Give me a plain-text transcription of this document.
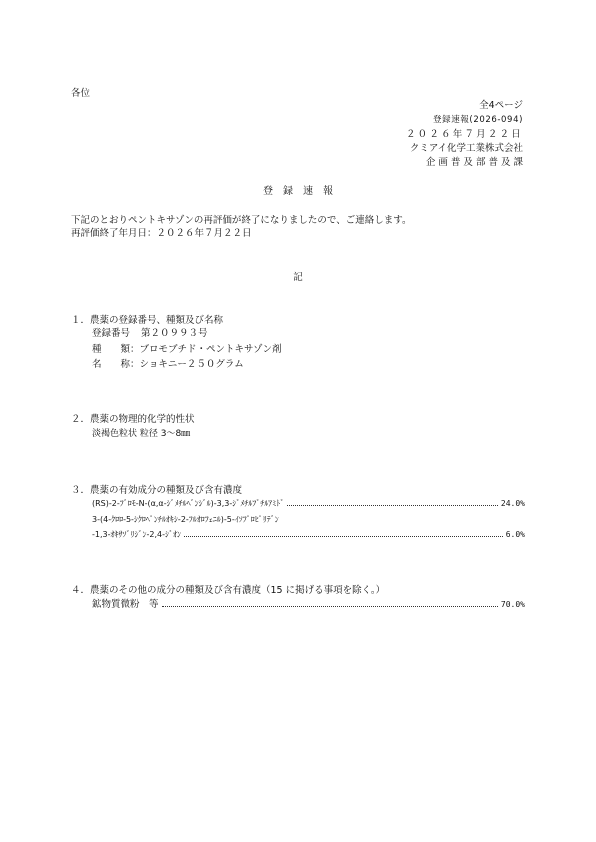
各位
全4ページ
登録速報(2026-094)
２０２６年７月２２日
クミアイ化学工業株式会社
企 画 普 及 部 普 及 課
登　録　速　報
下記のとおりペントキサゾンの再評価が終了になりましたので、ご連絡します。
再評価終了年月日：２０２６年７月２２日
記
１．農薬の登録番号、種類及び名称
登録番号 第２０９９３号
種　　類：ブロモブチド・ペントキサゾン剤
名　　称：ショキニー２５０グラム
２．農薬の物理的化学的性状
淡褐色粒状 粒径 3～8㎜
３．農薬の有効成分の種類及び含有濃度
(RS)-2-ﾌﾞﾛﾓ-N-(α,α-ｼﾞﾒﾁﾙﾍﾞﾝｼﾞﾙ)-3,3-ｼﾞﾒﾁﾙﾌﾞﾁﾙｱﾐﾄﾞ	24.0%
3-(4-ｸﾛﾛ-5-ｼｸﾛﾍﾟﾝﾁﾙｵｷｼ-2-ﾌﾙｵﾛﾌｪﾆﾙ)-5-ｲｿﾌﾟﾛﾋﾟﾘﾃﾞﾝ
-1,3-ｵｷｻｿﾞﾘｼﾞﾝ-2,4-ｼﾞｵﾝ	6.0%
４．農薬のその他の成分の種類及び含有濃度（15 に掲げる事項を除く。）
鉱物質微粉　等	70.0%
